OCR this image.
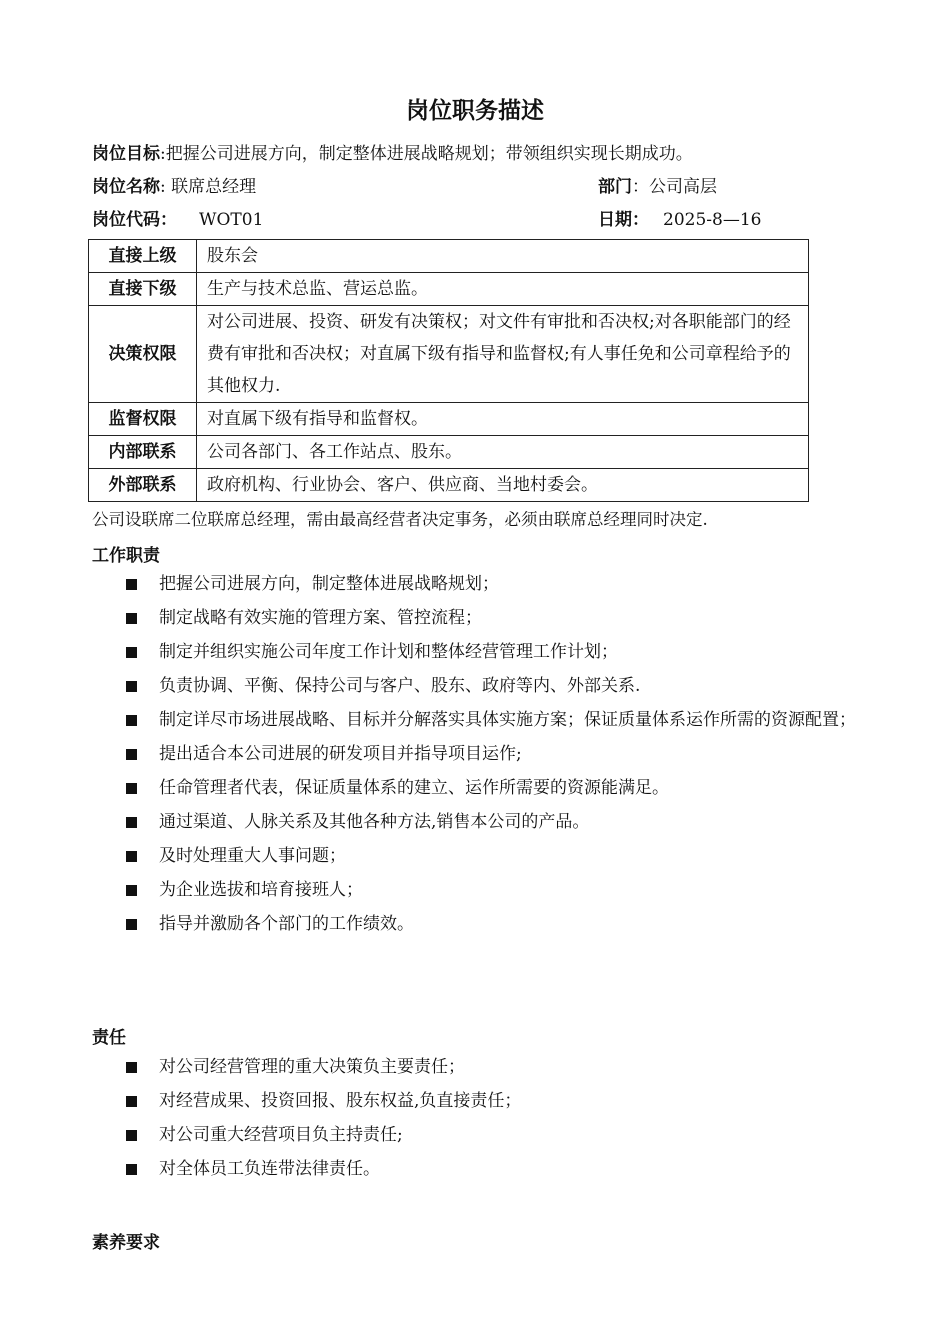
岗位职务描述
岗位目标:把握公司进展方向，制定整体进展战略规划；带领组织实现长期成功。
岗位名称: 联席总经理	部门：公司高层
岗位代码： WOT01	日期： 2025-8—16
直接上级	股东会
直接下级	生产与技术总监、营运总监。
决策权限	对公司进展、投资、研发有决策权；对文件有审批和否决权;对各职能部门的经费有审批和否决权；对直属下级有指导和监督权;有人事任免和公司章程给予的其他权力.
监督权限	对直属下级有指导和监督权。
内部联系	公司各部门、各工作站点、股东。
外部联系	政府机构、行业协会、客户、供应商、当地村委会。
公司设联席二位联席总经理，需由最高经营者决定事务，必须由联席总经理同时决定.
工作职责
把握公司进展方向，制定整体进展战略规划；
制定战略有效实施的管理方案、管控流程；
制定并组织实施公司年度工作计划和整体经营管理工作计划；
负责协调、平衡、保持公司与客户、股东、政府等内、外部关系.
制定详尽市场进展战略、目标并分解落实具体实施方案；保证质量体系运作所需的资源配置；
提出适合本公司进展的研发项目并指导项目运作;
任命管理者代表，保证质量体系的建立、运作所需要的资源能满足。
通过渠道、人脉关系及其他各种方法,销售本公司的产品。
及时处理重大人事问题；
为企业选拔和培育接班人；
指导并激励各个部门的工作绩效。
责任
对公司经营管理的重大决策负主要责任；
对经营成果、投资回报、股东权益,负直接责任；
对公司重大经营项目负主持责任;
对全体员工负连带法律责任。
素养要求
